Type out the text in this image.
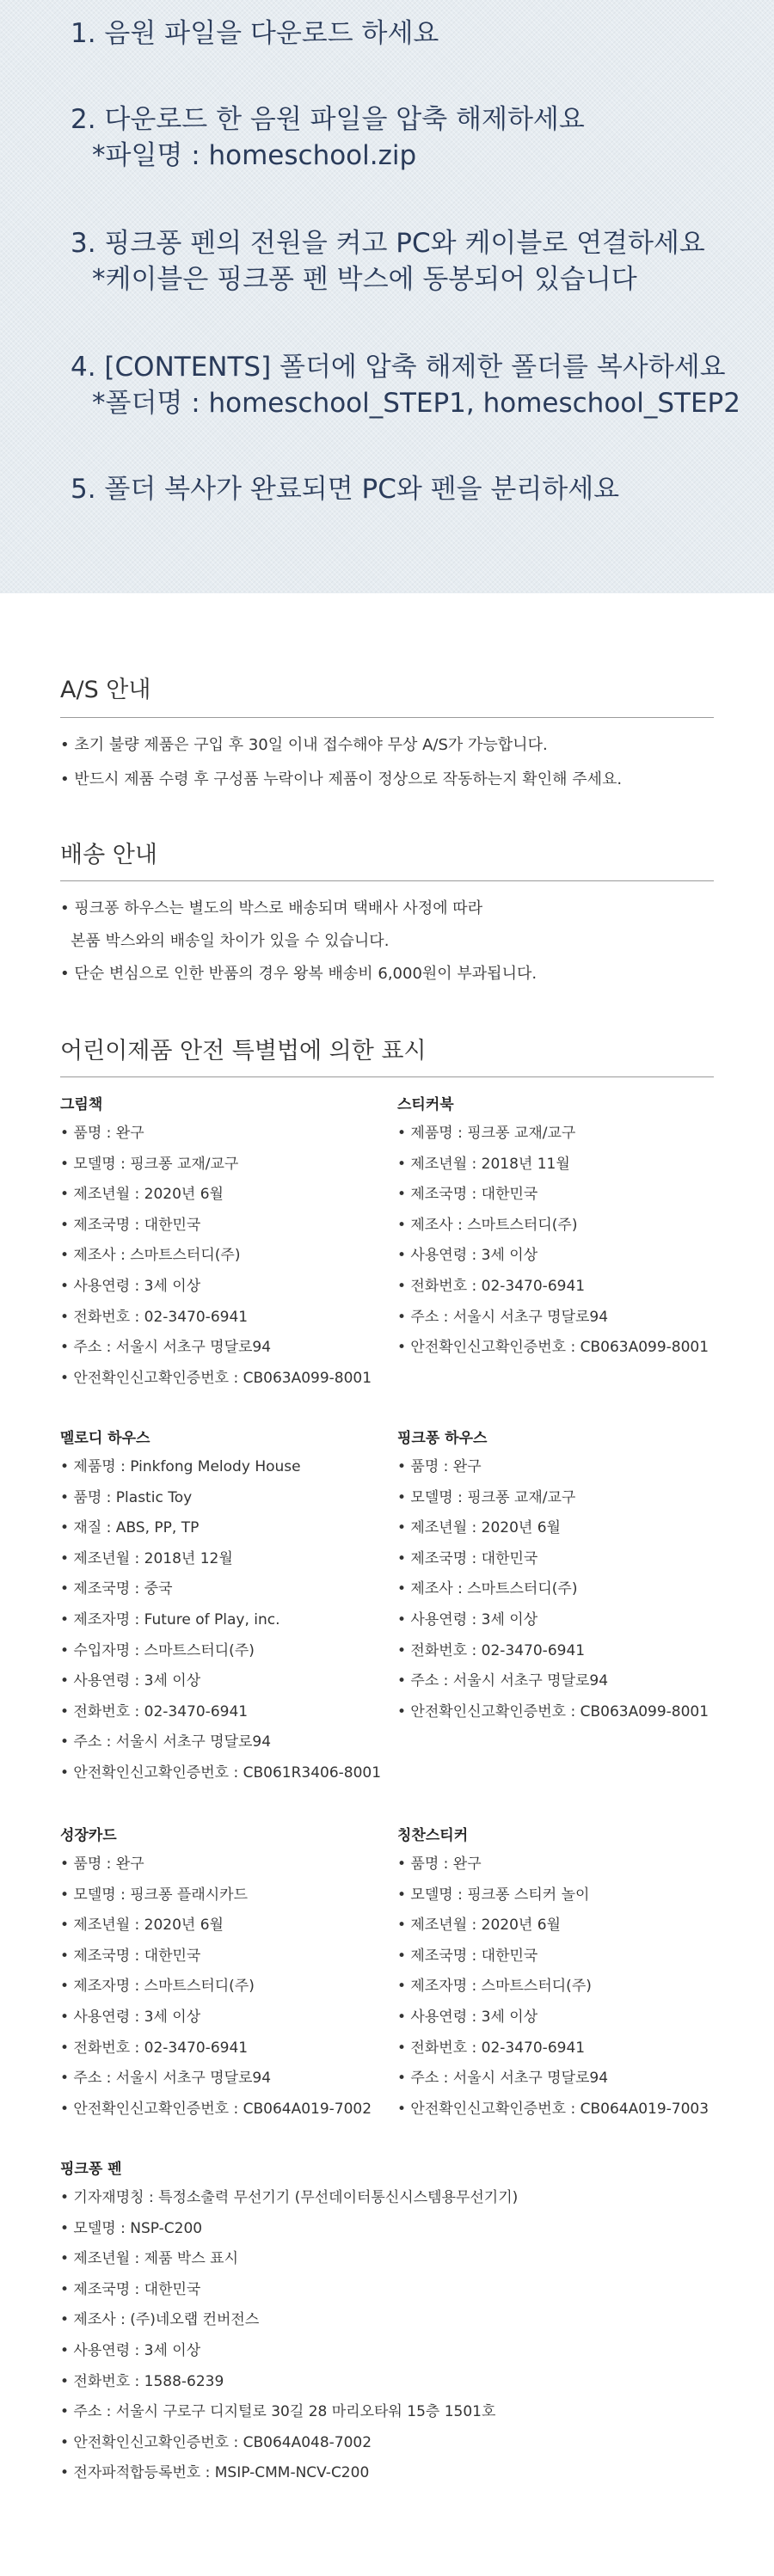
1. 음원 파일을 다운로드 하세요
2. 다운로드 한 음원 파일을 압축 해제하세요
*파일명 : homeschool.zip
3. 핑크퐁 펜의 전원을 켜고 PC와 케이블로 연결하세요
*케이블은 핑크퐁 펜 박스에 동봉되어 있습니다
4. [CONTENTS] 폴더에 압축 해제한 폴더를 복사하세요
*폴더명 : homeschool_STEP1, homeschool_STEP2
5. 폴더 복사가 완료되면 PC와 펜을 분리하세요
A/S 안내
• 초기 불량 제품은 구입 후 30일 이내 접수해야 무상 A/S가 가능합니다.
• 반드시 제품 수령 후 구성품 누락이나 제품이 정상으로 작동하는지 확인해 주세요.
배송 안내
• 핑크퐁 하우스는 별도의 박스로 배송되며 택배사 사정에 따라
본품 박스와의 배송일 차이가 있을 수 있습니다.
• 단순 변심으로 인한 반품의 경우 왕복 배송비 6,000원이 부과됩니다.
어린이제품 안전 특별법에 의한 표시
그림책
• 품명 : 완구
• 모델명 : 핑크퐁 교재/교구
• 제조년월 : 2020년 6월
• 제조국명 : 대한민국
• 제조사 : 스마트스터디(주)
• 사용연령 : 3세 이상
• 전화번호 : 02-3470-6941
• 주소 : 서울시 서초구 명달로94
• 안전확인신고확인증번호 : CB063A099-8001
스티커북
• 제품명 : 핑크퐁 교재/교구
• 제조년월 : 2018년 11월
• 제조국명 : 대한민국
• 제조사 : 스마트스터디(주)
• 사용연령 : 3세 이상
• 전화번호 : 02-3470-6941
• 주소 : 서울시 서초구 명달로94
• 안전확인신고확인증번호 : CB063A099-8001
멜로디 하우스
• 제품명 : Pinkfong Melody House
• 품명 : Plastic Toy
• 재질 : ABS, PP, TP
• 제조년월 : 2018년 12월
• 제조국명 : 중국
• 제조자명 : Future of Play, inc.
• 수입자명 : 스마트스터디(주)
• 사용연령 : 3세 이상
• 전화번호 : 02-3470-6941
• 주소 : 서울시 서초구 명달로94
• 안전확인신고확인증번호 : CB061R3406-8001
핑크퐁 하우스
• 품명 : 완구
• 모델명 : 핑크퐁 교재/교구
• 제조년월 : 2020년 6월
• 제조국명 : 대한민국
• 제조사 : 스마트스터디(주)
• 사용연령 : 3세 이상
• 전화번호 : 02-3470-6941
• 주소 : 서울시 서초구 명달로94
• 안전확인신고확인증번호 : CB063A099-8001
성장카드
• 품명 : 완구
• 모델명 : 핑크퐁 플래시카드
• 제조년월 : 2020년 6월
• 제조국명 : 대한민국
• 제조자명 : 스마트스터디(주)
• 사용연령 : 3세 이상
• 전화번호 : 02-3470-6941
• 주소 : 서울시 서초구 명달로94
• 안전확인신고확인증번호 : CB064A019-7002
칭찬스티커
• 품명 : 완구
• 모델명 : 핑크퐁 스티커 놀이
• 제조년월 : 2020년 6월
• 제조국명 : 대한민국
• 제조자명 : 스마트스터디(주)
• 사용연령 : 3세 이상
• 전화번호 : 02-3470-6941
• 주소 : 서울시 서초구 명달로94
• 안전확인신고확인증번호 : CB064A019-7003
핑크퐁 펜
• 기자재명칭 : 특정소출력 무선기기 (무선데이터통신시스템용무선기기)
• 모델명 : NSP-C200
• 제조년월 : 제품 박스 표시
• 제조국명 : 대한민국
• 제조사 : (주)네오랩 컨버전스
• 사용연령 : 3세 이상
• 전화번호 : 1588-6239
• 주소 : 서울시 구로구 디지털로 30길 28 마리오타워 15층 1501호
• 안전확인신고확인증번호 : CB064A048-7002
• 전자파적합등록번호 : MSIP-CMM-NCV-C200
